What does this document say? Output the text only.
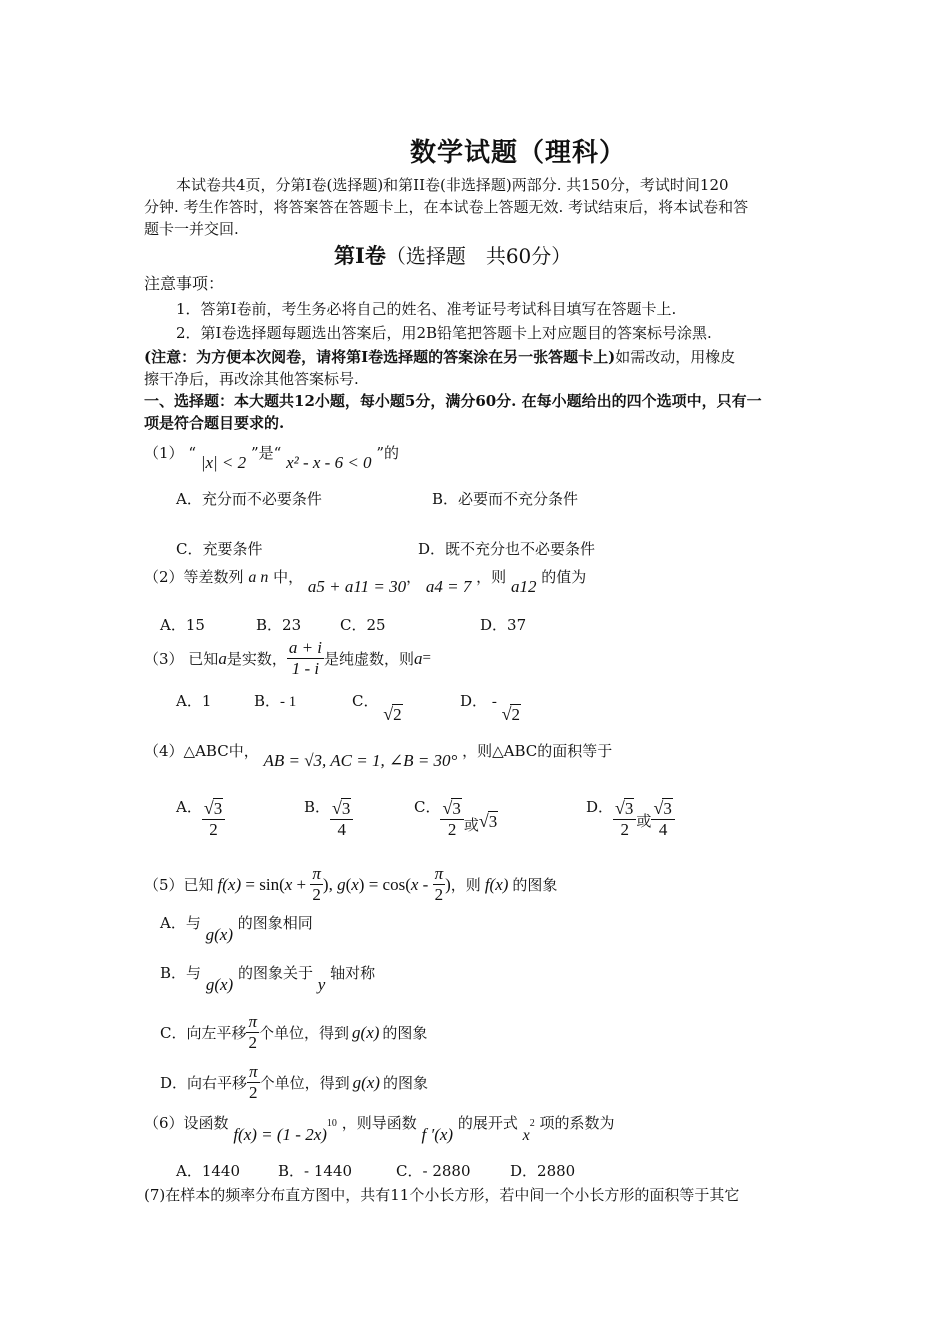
数学试题（理科）
本试卷共4页，分第I卷(选择题)和第II卷(非选择题)两部分. 共150分，考试时间120
分钟. 考生作答时，将答案答在答题卡上，在本试卷上答题无效. 考试结束后，将本试卷和答
题卡一并交回.
第Ⅰ卷（选择题　共60分）
注意事项：
1．答第Ⅰ卷前，考生务必将自己的姓名、准考证号考试科目填写在答题卡上.
2．第Ⅰ卷选择题每题选出答案后，用2B铅笔把答题卡上对应题目的答案标号涂黑.
(注意：为方便本次阅卷，请将第Ⅰ卷选择题的答案涂在另一张答题卡上)如需改动，用橡皮
擦干净后，再改涂其他答案标号.
一、选择题：本大题共12小题，每小题5分，满分60分. 在每小题给出的四个选项中，只有一
项是符合题目要求的.
（1） “ |x| < 2 ”是“ x² - x - 6 < 0 ”的
A．充分而不必要条件	B．必要而不充分条件
C．充要条件	D．既不充分也不必要条件
（2）等差数列 a n 中， a5 + a11 = 30， a4 = 7 ，则 a12 的值为
A．15	B．23	C．25	D．37
（3） 已知 a 是实数， $\frac{a + i}{1 - i}$ 是纯虚数，则 a =
A．1	B．- 1	C．
√ 2
D． -
√ 2
（4）△ABC中， AB = √3, AC = 1, ∠B = 30° ，则△ABC的面积等于
A． $\frac{√ 3}{2}$	B． $\frac{√ 3}{4}$	C． $\frac{√ 3}{2}$ 或 √ 3
D． $\frac{√ 3}{2}$ 或 $\frac{√ 3}{4}$
（5）已知 $f(x) = \sin(x + \frac{\pi}{2}$ ), $g(x) = \cos(x - \frac{\pi}{2}$ ) ，则 f(x) 的图象
A．与 g(x) 的图象相同
B．与 g(x) 的图象关于 y 轴对称
C．向左平移 $\frac{\pi}{2}$ 个单位，得到 g(x) 的图象
D．向右平移 $\frac{\pi}{2}$ 个单位，得到 g(x) 的图象
（6）设函数 f(x) = (1 - 2x)$^{10}$ ，则导函数 f ′(x) 的展开式 $x^2$ 项的系数为
A．1440	B．- 1440	C．- 2880	D．2880
(7)在样本的频率分布直方图中，共有11个小长方形，若中间一个小长方形的面积等于其它
